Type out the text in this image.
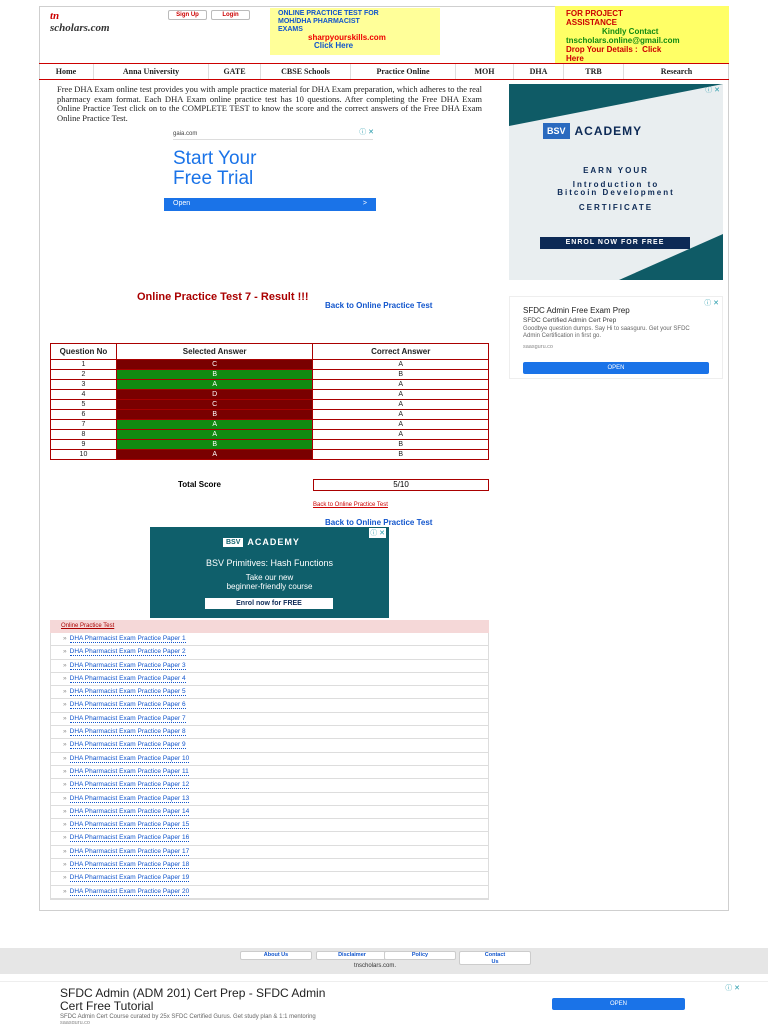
tn
scholars.com
Sign Up	Login	ONLINE PRACTICE TEST FOR
MOH/DHA PHARMACIST
EXAMS
sharpyourskills.com
Click Here
FOR PROJECT
ASSISTANCE
Kindly Contact
tnscholars.online@gmail.com
Drop Your Details : Click
Here
Home	Anna University	GATE	CBSE Schools	Practice Online	MOH	DHA	TRB	Research
Free DHA Exam online test provides you with ample practice material for DHA Exam preparation, which adheres to the real pharmacy exam format. Each DHA Exam online practice test has 10 questions. After completing the Free DHA Exam Online Practice Test click on to the COMPLETE TEST to know the score and the correct answers of the Free DHA Exam Online Practice Test.
ⓘ ✕
gaia.com
Start Your
Free Trial
Open	>
ⓘ ✕
BSV ACADEMY
EARN YOUR
Introduction to
Bitcoin Development
CERTIFICATE
ENROL NOW FOR FREE
ⓘ ✕
SFDC Admin Free Exam Prep
SFDC Certified Admin Cert Prep
Goodbye question dumps. Say Hi to saasguru. Get your SFDC Admin Certification in first go.
saasguru.co
OPEN
Online Practice Test 7 - Result !!!
Back to Online Practice Test
Question No	Selected Answer	Correct Answer
1	C	A
2	B	B
3	A	A
4	D	A
5	C	A
6	B	A
7	A	A
8	A	A
9	B	B
10	A	B
Total Score	5/10
Back to Online Practice Test
Back to Online Practice Test
ⓘ ✕
BSV ACADEMY
BSV Primitives: Hash Functions
Take our new
beginner-friendly course
Enrol now for FREE
Online Practice Test
» DHA Pharmacist Exam Practice Paper 1
» DHA Pharmacist Exam Practice Paper 2
» DHA Pharmacist Exam Practice Paper 3
» DHA Pharmacist Exam Practice Paper 4
» DHA Pharmacist Exam Practice Paper 5
» DHA Pharmacist Exam Practice Paper 6
» DHA Pharmacist Exam Practice Paper 7
» DHA Pharmacist Exam Practice Paper 8
» DHA Pharmacist Exam Practice Paper 9
» DHA Pharmacist Exam Practice Paper 10
» DHA Pharmacist Exam Practice Paper 11
» DHA Pharmacist Exam Practice Paper 12
» DHA Pharmacist Exam Practice Paper 13
» DHA Pharmacist Exam Practice Paper 14
» DHA Pharmacist Exam Practice Paper 15
» DHA Pharmacist Exam Practice Paper 16
» DHA Pharmacist Exam Practice Paper 17
» DHA Pharmacist Exam Practice Paper 18
» DHA Pharmacist Exam Practice Paper 19
» DHA Pharmacist Exam Practice Paper 20
About Us	Disclaimer	Policy	Contact
Us
tnscholars.com.
ⓘ ✕
SFDC Admin (ADM 201) Cert Prep - SFDC Admin
Cert Free Tutorial
SFDC Admin Cert Course curated by 25x SFDC Certified Gurus. Get study plan & 1:1 mentoring
saasguru.co
OPEN
